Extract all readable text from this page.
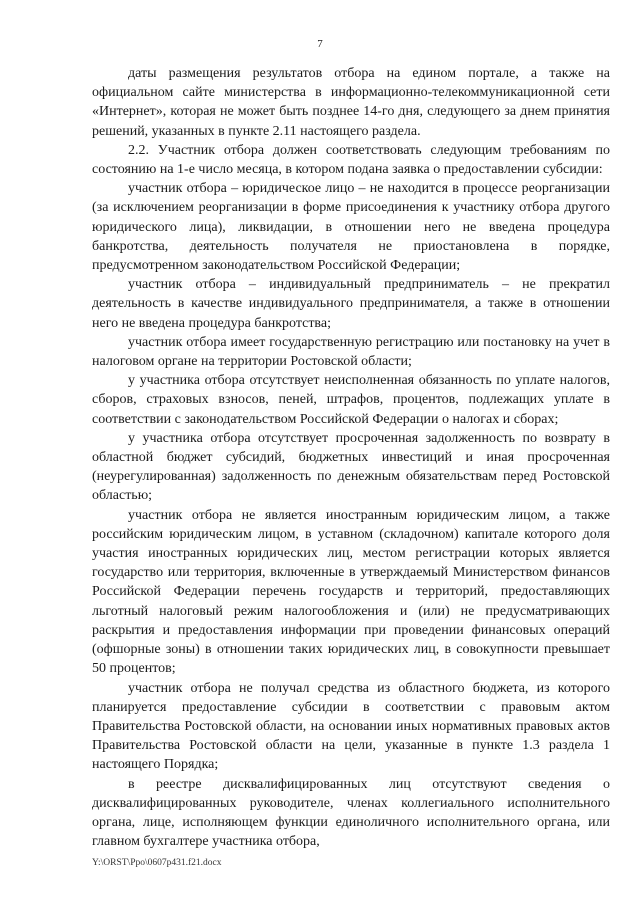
7

даты размещения результатов отбора на едином портале, а также на официальном сайте министерства в информационно-телекоммуникационной сети «Интернет», которая не может быть позднее 14-го дня, следующего за днем принятия решений, указанных в пункте 2.11 настоящего раздела.

2.2. Участник отбора должен соответствовать следующим требованиям по состоянию на 1-е число месяца, в котором подана заявка о предоставлении субсидии:

участник отбора – юридическое лицо – не находится в процессе реорганизации (за исключением реорганизации в форме присоединения к участнику отбора другого юридического лица), ликвидации, в отношении него не введена процедура банкротства, деятельность получателя не приостановлена в порядке, предусмотренном законодательством Российской Федерации;

участник отбора – индивидуальный предприниматель – не прекратил деятельность в качестве индивидуального предпринимателя, а также в отношении него не введена процедура банкротства;

участник отбора имеет государственную регистрацию или постановку на учет в налоговом органе на территории Ростовской области;

у участника отбора отсутствует неисполненная обязанность по уплате налогов, сборов, страховых взносов, пеней, штрафов, процентов, подлежащих уплате в соответствии с законодательством Российской Федерации о налогах и сборах;

у участника отбора отсутствует просроченная задолженность по возврату в областной бюджет субсидий, бюджетных инвестиций и иная просроченная (неурегулированная) задолженность по денежным обязательствам перед Ростовской областью;

участник отбора не является иностранным юридическим лицом, а также российским юридическим лицом, в уставном (складочном) капитале которого доля участия иностранных юридических лиц, местом регистрации которых является государство или территория, включенные в утверждаемый Министерством финансов Российской Федерации перечень государств и территорий, предоставляющих льготный налоговый режим налогообложения и (или) не предусматривающих раскрытия и предоставления информации при проведении финансовых операций (офшорные зоны) в отношении таких юридических лиц, в совокупности превышает 50 процентов;

участник отбора не получал средства из областного бюджета, из которого планируется предоставление субсидии в соответствии с правовым актом Правительства Ростовской области, на основании иных нормативных правовых актов Правительства Ростовской области на цели, указанные в пункте 1.3 раздела 1 настоящего Порядка;

в реестре дисквалифицированных лиц отсутствуют сведения о дисквалифицированных руководителе, членах коллегиального исполнительного органа, лице, исполняющем функции единоличного исполнительного органа, или главном бухгалтере участника отбора,

Y:\ORST\Ppo\0607p431.f21.docx
